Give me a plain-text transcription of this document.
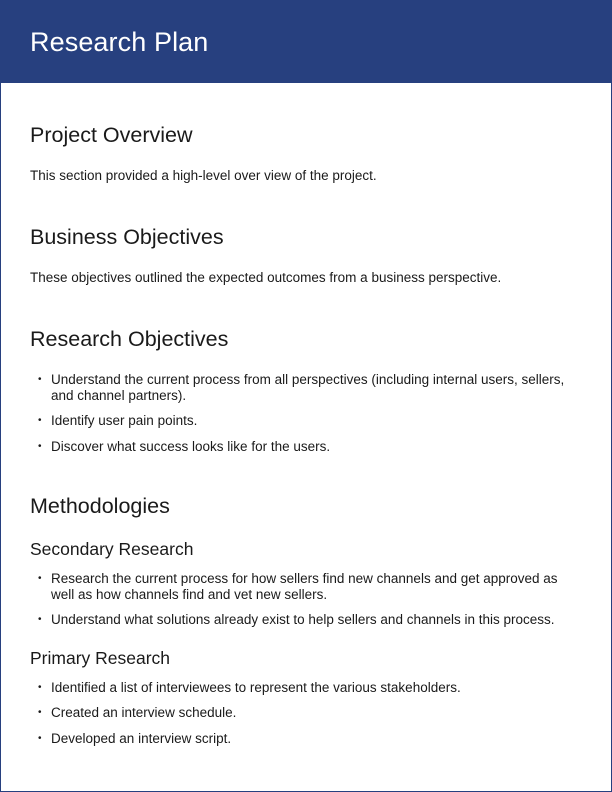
Research Plan
Project Overview

This section provided a high-level over view of the project.

Business Objectives

These objectives outlined the expected outcomes from a business perspective.

Research Objectives
• Understand the current process from all perspectives (including internal users, sellers, and channel partners).
• Identify user pain points.
• Discover what success looks like for the users.
Methodologies
Secondary Research
• Research the current process for how sellers find new channels and get approved as well as how channels find and vet new sellers.
• Understand what solutions already exist to help sellers and channels in this process.
Primary Research
• Identified a list of interviewees to represent the various stakeholders.
• Created an interview schedule.
• Developed an interview script.
